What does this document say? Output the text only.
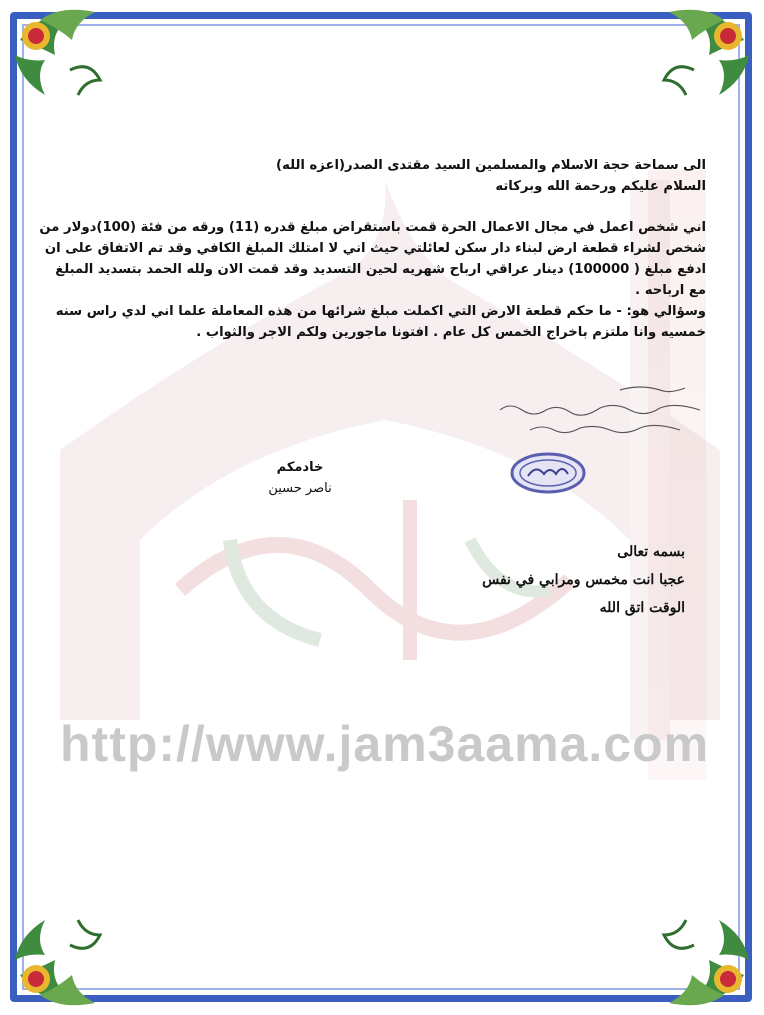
http://www.jam3aama.com

الى سماحة حجة الاسلام والمسلمين السيد مقتدى الصدر(اعزه الله)

السلام عليكم ورحمة الله وبركاته

اني شخص اعمل في مجال الاعمال الحرة قمت باستقراض مبلغ قدره (11) ورقه من فئة (100)دولار من

شخص لشراء قطعة ارض لبناء دار سكن لعائلتي حيث اني لا امتلك المبلغ الكافي وقد تم الاتفاق على ان

ادفع مبلغ ( 100000) دينار عراقي ارباح شهريه لحين التسديد وقد قمت الان ولله الحمد بتسديد المبلغ

مع ارباحه .

وسؤالي هو: - ما حكم قطعة الارض التي اكملت مبلغ شرائها من هذه المعاملة علما اني لدي راس سنه

خمسيه وانا ملتزم باخراج الخمس كل عام . افتونا ماجورين ولكم الاجر والثواب .

خادمكم
ناصر حسين
بسمه تعالى
عجبا انت مخمس ومرابي في نفس
الوقت اتق الله
